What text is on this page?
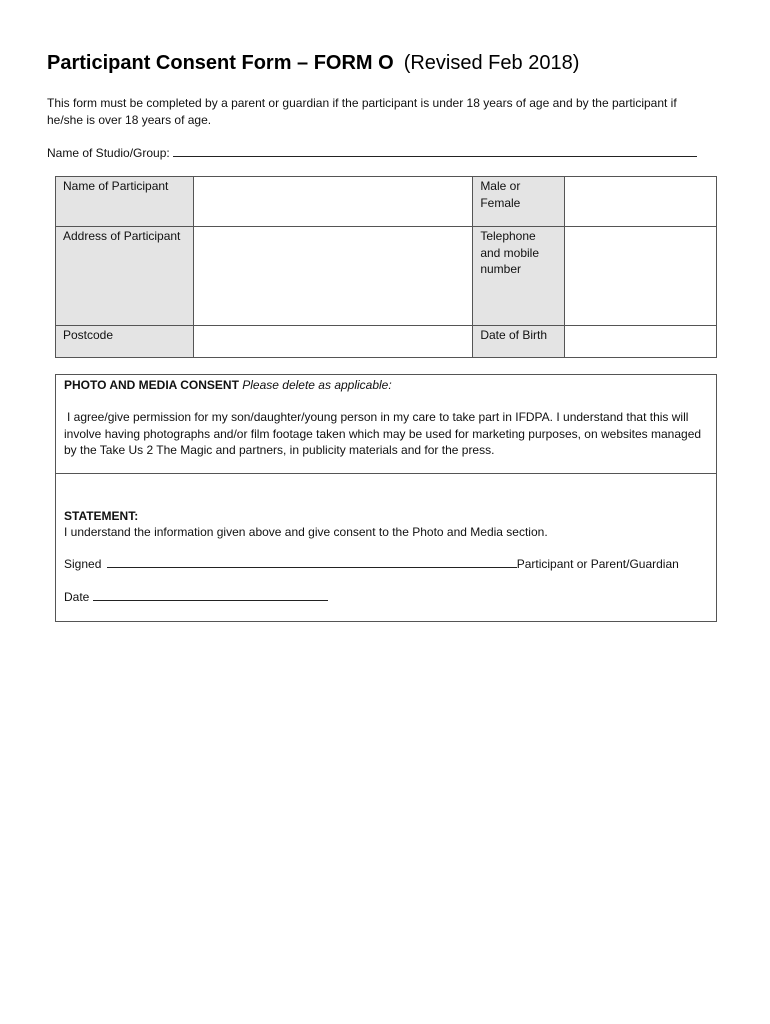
Participant Consent Form – FORM O (Revised Feb 2018)
This form must be completed by a parent or guardian if the participant is under 18 years of age and by the participant if he/she is over 18 years of age.
Name of Studio/Group:
Name of Participant		Male or Female	
Address of Participant		Telephone and mobile number	
Postcode		Date of Birth	
PHOTO AND MEDIA CONSENT Please delete as applicable:
I agree/give permission for my son/daughter/young person in my care to take part in IFDPA. I understand that this will involve having photographs and/or film footage taken which may be used for marketing purposes, on websites managed by the Take Us 2 The Magic and partners, in publicity materials and for the press.
STATEMENT:
I understand the information given above and give consent to the Photo and Media section.
Signed	Participant or Parent/Guardian
Date
